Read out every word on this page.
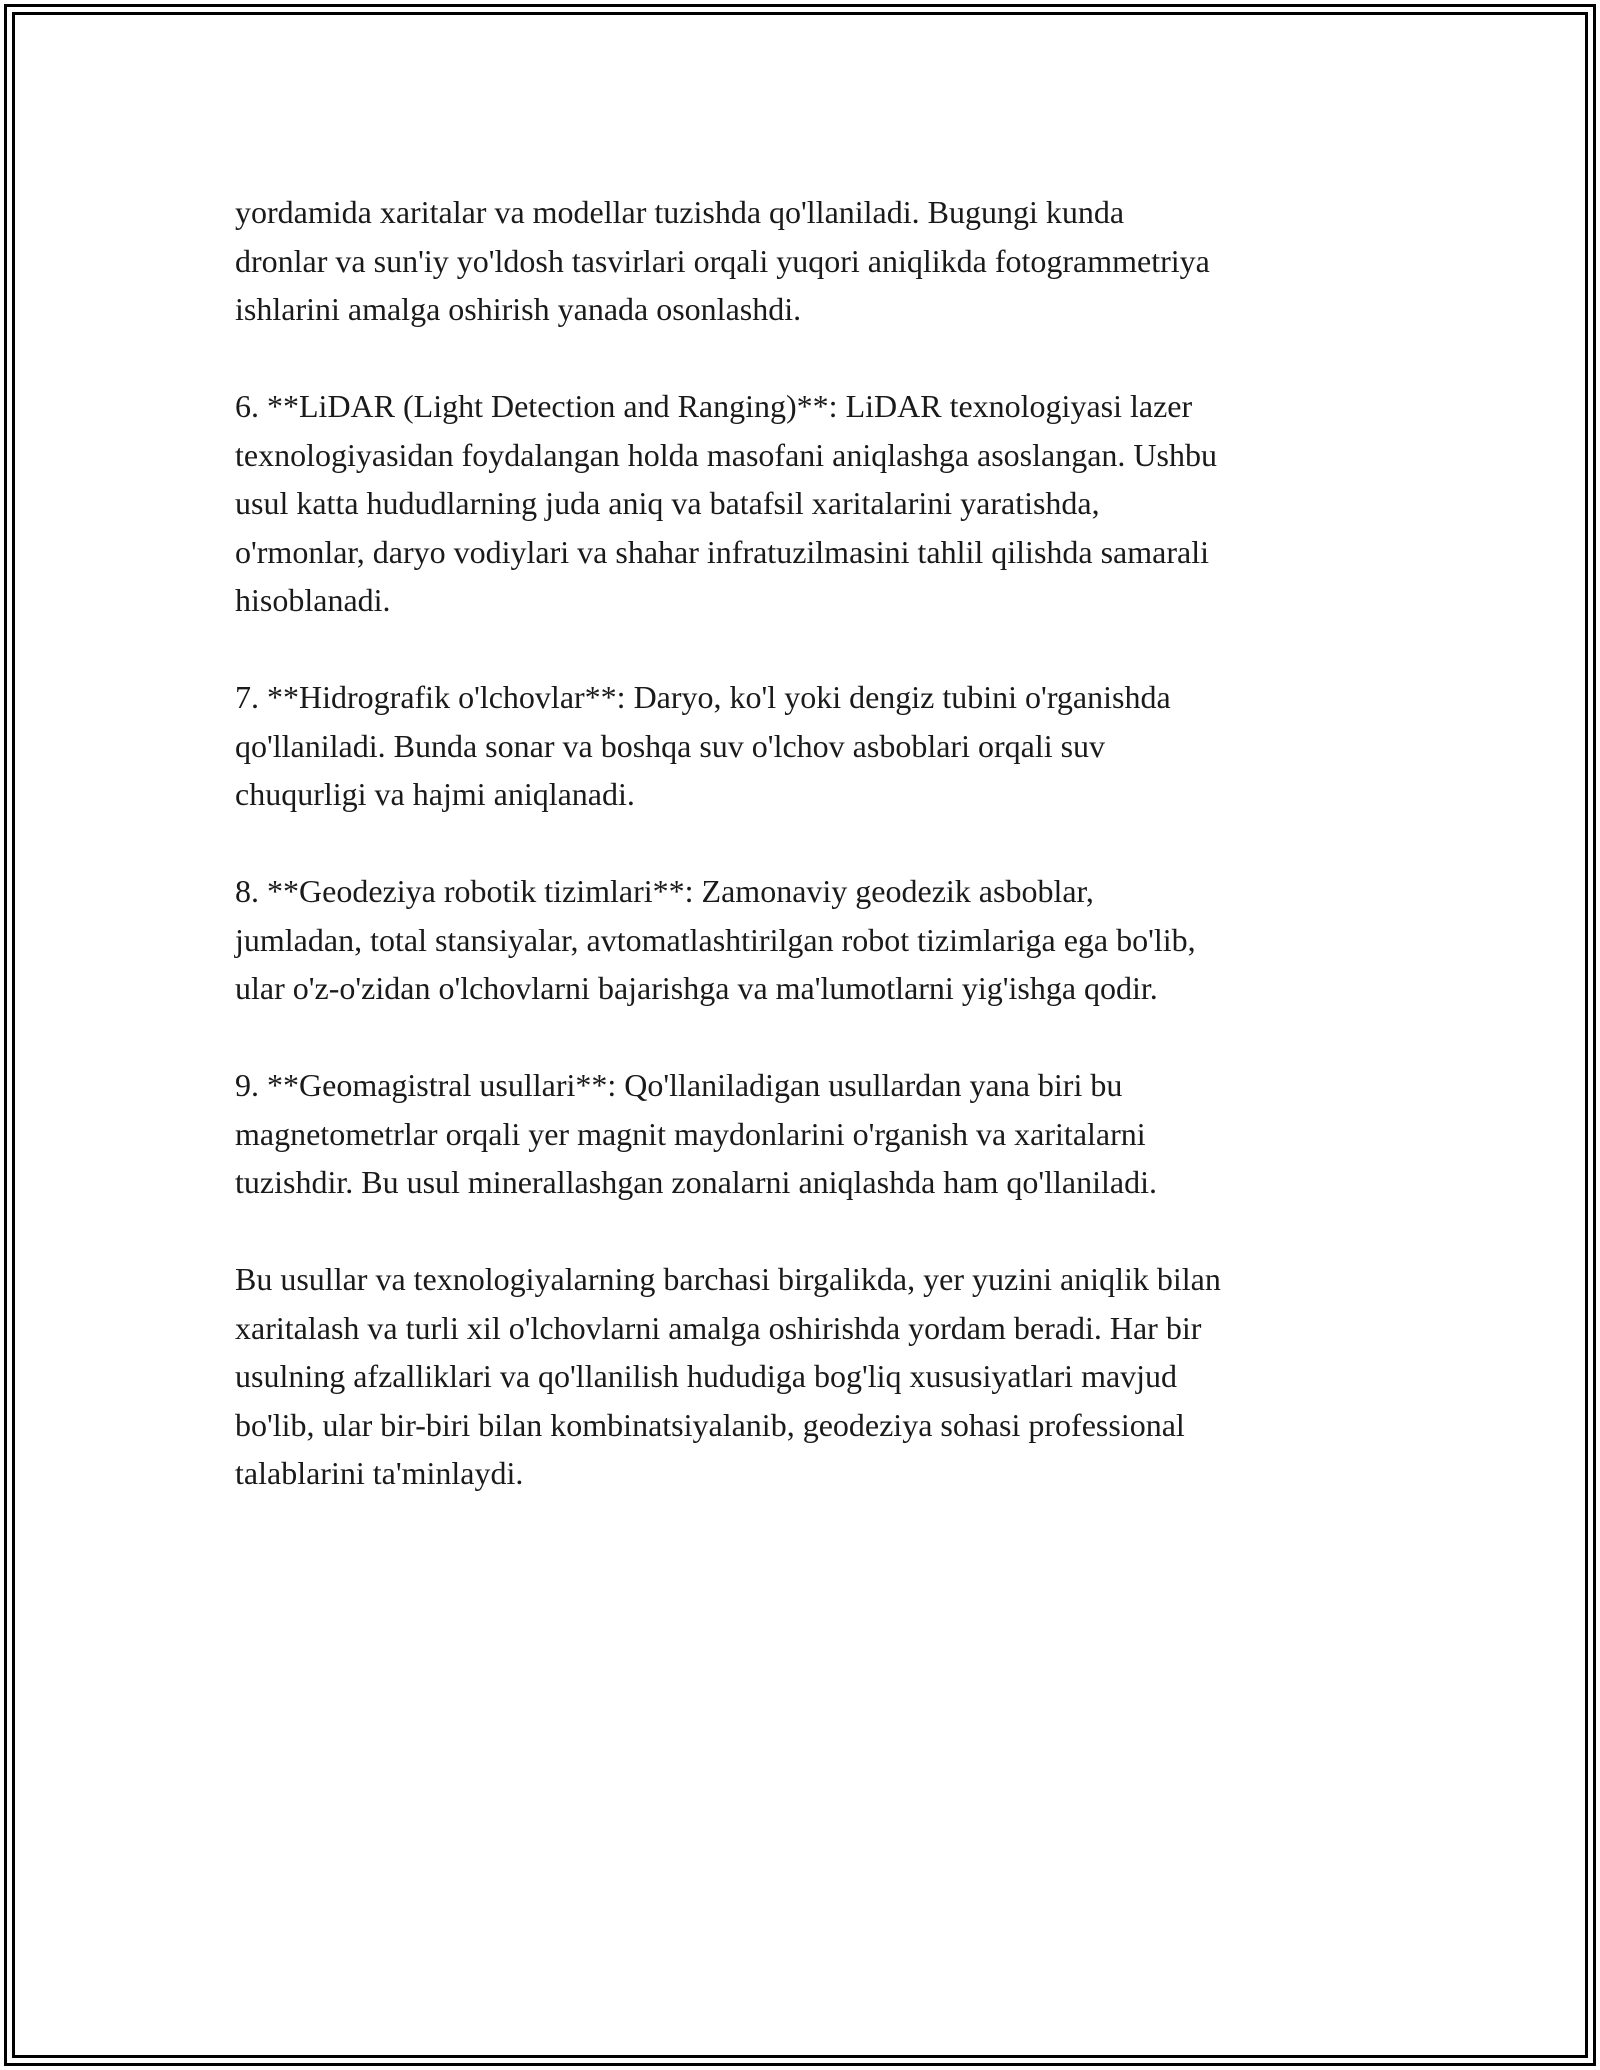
yordamida xaritalar va modellar tuzishda qo'llaniladi. Bugungi kunda
dronlar va sun'iy yo'ldosh tasvirlari orqali yuqori aniqlikda fotogrammetriya
ishlarini amalga oshirish yanada osonlashdi.

6. **LiDAR (Light Detection and Ranging)**: LiDAR texnologiyasi lazer
texnologiyasidan foydalangan holda masofani aniqlashga asoslangan. Ushbu
usul katta hududlarning juda aniq va batafsil xaritalarini yaratishda,
o'rmonlar, daryo vodiylari va shahar infratuzilmasini tahlil qilishda samarali
hisoblanadi.

7. **Hidrografik o'lchovlar**: Daryo, ko'l yoki dengiz tubini o'rganishda
qo'llaniladi. Bunda sonar va boshqa suv o'lchov asboblari orqali suv
chuqurligi va hajmi aniqlanadi.

8. **Geodeziya robotik tizimlari**: Zamonaviy geodezik asboblar,
jumladan, total stansiyalar, avtomatlashtirilgan robot tizimlariga ega bo'lib,
ular o'z-o'zidan o'lchovlarni bajarishga va ma'lumotlarni yig'ishga qodir.

9. **Geomagistral usullari**: Qo'llaniladigan usullardan yana biri bu
magnetometrlar orqali yer magnit maydonlarini o'rganish va xaritalarni
tuzishdir. Bu usul minerallashgan zonalarni aniqlashda ham qo'llaniladi.

Bu usullar va texnologiyalarning barchasi birgalikda, yer yuzini aniqlik bilan
xaritalash va turli xil o'lchovlarni amalga oshirishda yordam beradi. Har bir
usulning afzalliklari va qo'llanilish hududiga bog'liq xususiyatlari mavjud
bo'lib, ular bir-biri bilan kombinatsiyalanib, geodeziya sohasi professional
talablarini ta'minlaydi.
